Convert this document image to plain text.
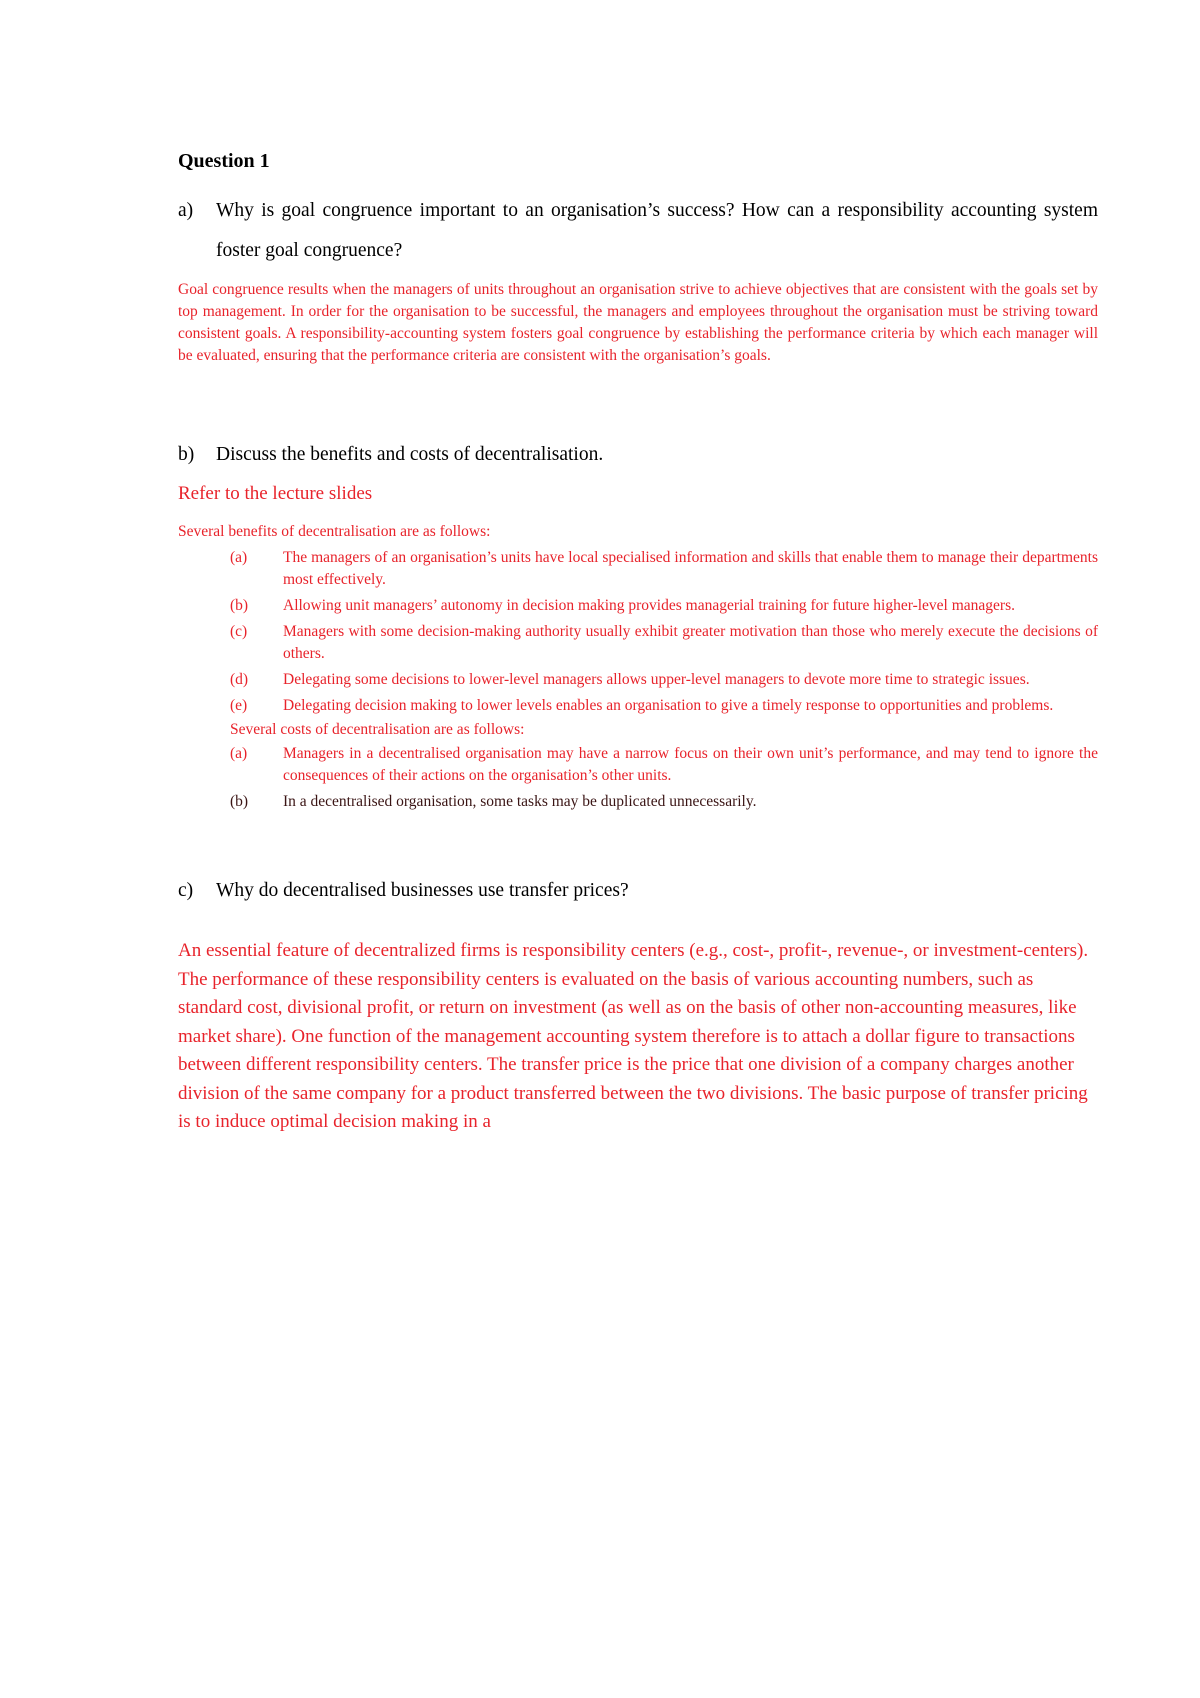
Question 1
a)	Why is goal congruence important to an organisation’s success? How can a responsibility accounting system foster goal congruence?

Goal congruence results when the managers of units throughout an organisation strive to achieve objectives that are consistent with the goals set by top management. In order for the organisation to be successful, the managers and employees throughout the organisation must be striving toward consistent goals. A responsibility-accounting system fosters goal congruence by establishing the performance criteria by which each manager will be evaluated, ensuring that the performance criteria are consistent with the organisation’s goals.

b)	Discuss the benefits and costs of decentralisation.
Refer to the lecture slides
Several benefits of decentralisation are as follows:
(a)	The managers of an organisation’s units have local specialised information and skills that enable them to manage their departments most effectively.
(b)	Allowing unit managers’ autonomy in decision making provides managerial training for future higher-level managers.
(c)	Managers with some decision-making authority usually exhibit greater motivation than those who merely execute the decisions of others.
(d)	Delegating some decisions to lower-level managers allows upper-level managers to devote more time to strategic issues.
(e)	Delegating decision making to lower levels enables an organisation to give a timely response to opportunities and problems.
Several costs of decentralisation are as follows:
(a)	Managers in a decentralised organisation may have a narrow focus on their own unit’s performance, and may tend to ignore the consequences of their actions on the organisation’s other units.
(b)	In a decentralised organisation, some tasks may be duplicated unnecessarily.
c)	Why do decentralised businesses use transfer prices?

An essential feature of decentralized firms is responsibility centers (e.g., cost-, profit-, revenue-, or investment-centers). The performance of these responsibility centers is evaluated on the basis of various accounting numbers, such as standard cost, divisional profit, or return on investment (as well as on the basis of other non-accounting measures, like market share). One function of the management accounting system therefore is to attach a dollar figure to transactions between different responsibility centers. The transfer price is the price that one division of a company charges another division of the same company for a product transferred between the two divisions. The basic purpose of transfer pricing is to induce optimal decision making in a
